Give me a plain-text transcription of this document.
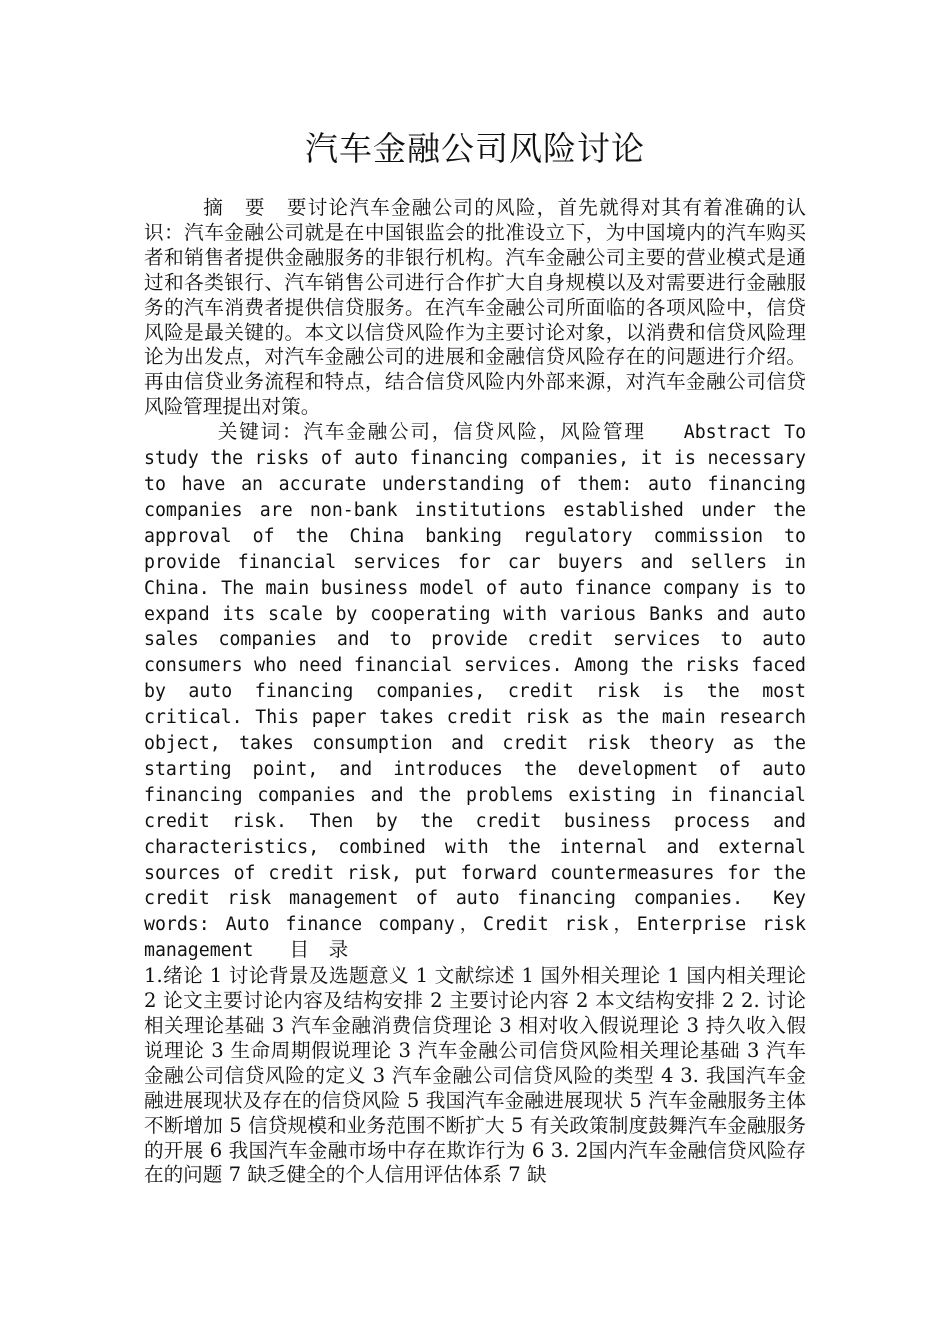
汽车金融公司风险讨论

摘　要 要讨论汽车金融公司的风险，首先就得对其有着准确的认识：汽车金融公司就是在中国银监会的批准设立下，为中国境内的汽车购买者和销售者提供金融服务的非银行机构。汽车金融公司主要的营业模式是通过和各类银行、汽车销售公司进行合作扩大自身规模以及对需要进行金融服务的汽车消费者提供信贷服务。在汽车金融公司所面临的各项风险中，信贷风险是最关键的。本文以信贷风险作为主要讨论对象，以消费和信贷风险理论为出发点，对汽车金融公司的进展和金融信贷风险存在的问题进行介绍。再由信贷业务流程和特点，结合信贷风险内外部来源，对汽车金融公司信贷风险管理提出对策。

关键词：汽车金融公司，信贷风险，风险管理 Abstract To study the risks of auto financing companies, it is necessary to have an accurate understanding of them: auto financing companies are non-bank institutions established under the approval of the China banking regulatory commission to provide financial services for car buyers and sellers in China. The main business model of auto finance company is to expand its scale by cooperating with various Banks and auto sales companies and to provide credit services to auto consumers who need financial services. Among the risks faced by auto financing companies, credit risk is the most critical. This paper takes credit risk as the main research object, takes consumption and credit risk theory as the starting point, and introduces the development of auto financing companies and the problems existing in financial credit risk. Then by the credit business process and characteristics, combined with the internal and external sources of credit risk, put forward countermeasures for the credit risk management of auto financing companies. Key words: Auto finance company，Credit risk，Enterprise risk management 目　录

1.绪论 1 讨论背景及选题意义 1 文献综述 1 国外相关理论 1 国内相关理论 2 论文主要讨论内容及结构安排 2 主要讨论内容 2 本文结构安排 2 2. 讨论相关理论基础 3 汽车金融消费信贷理论 3 相对收入假说理论 3 持久收入假说理论 3 生命周期假说理论 3 汽车金融公司信贷风险相关理论基础 3 汽车金融公司信贷风险的定义 3 汽车金融公司信贷风险的类型 4 3. 我国汽车金融进展现状及存在的信贷风险 5 我国汽车金融进展现状 5 汽车金融服务主体不断增加 5 信贷规模和业务范围不断扩大 5 有关政策制度鼓舞汽车金融服务的开展 6 我国汽车金融市场中存在欺诈行为 6 3. 2国内汽车金融信贷风险存在的问题 7 缺乏健全的个人信用评估体系 7 缺
